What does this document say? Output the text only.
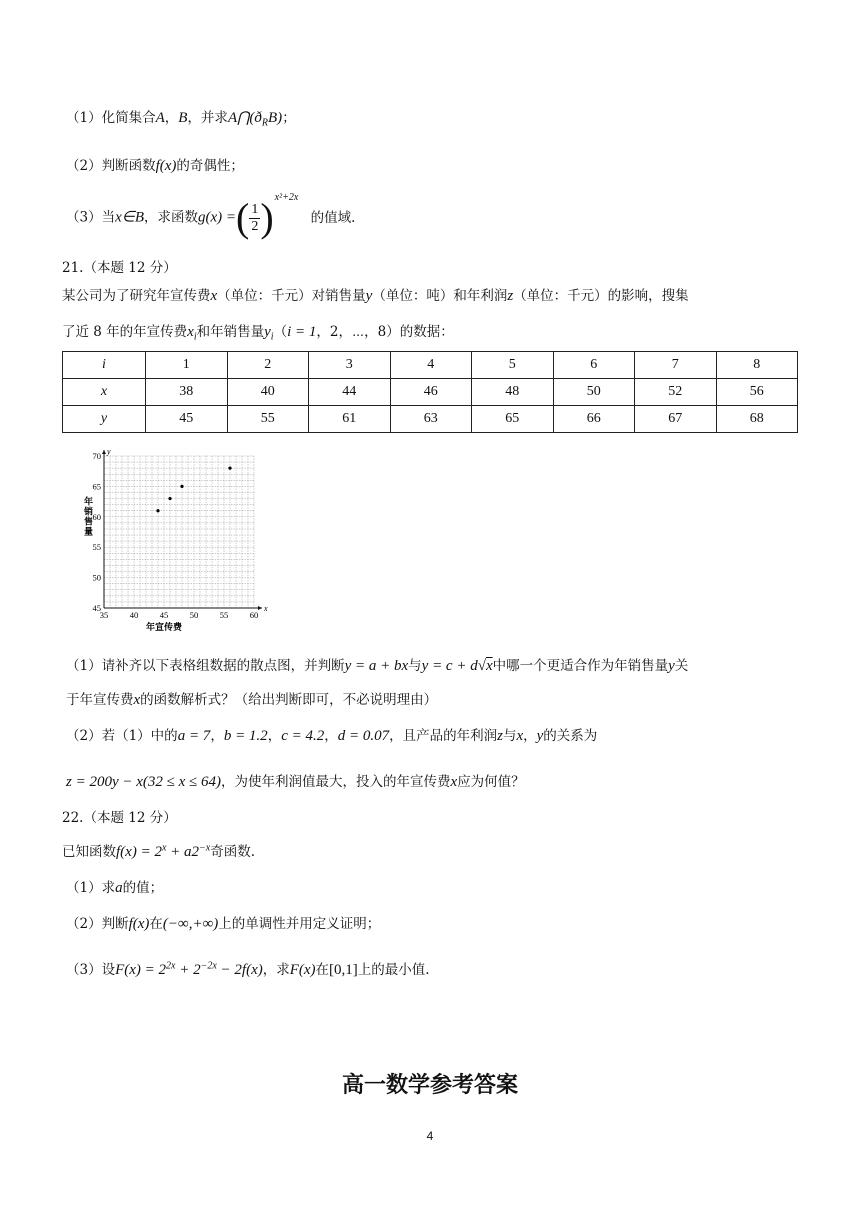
（1）化简集合A，B，并求$A⋂(ð_RB)$；
（2）判断函数f(x)的奇偶性；
（3）当x∈B，求函数g(x) =( $\frac{1}{2} )^{x^2+2x}$ 的值域.
21.（本题 12 分）
某公司为了研究年宣传费x（单位：千元）对销售量y（单位：吨）和年利润z（单位：千元）的影响，搜集
了近 8 年的年宣传费$x_i$和年销售量$y_i(i = 1$，2，⋯，8）的数据：
i	1	2	3	4	5	6	7	8
x	38	40	44	46	48	50	52	56
y	45	55	61	63	65	66	67	68
x
y
35	40	45	50	55	60
45
50
55
60
65
70
年宣传费
年
销
售
量
（1）请补齐以下表格组数据的散点图，并判断y = a + bx与y = c + d√x中哪一个更适合作为年销售量y关
于年宣传费x的函数解析式？（给出判断即可，不必说明理由）
（2）若（1）中的a = 7，b = 1.2，c = 4.2，d = 0.07，且产品的年利润z与x，y的关系为
z = 200y − x(32 ≤ x ≤ 64)，为使年利润值最大，投入的年宣传费x应为何值？
22.（本题 12 分）
已知函数$f(x) = 2^x + a2^{-x}$奇函数.
（1）求a的值；
（2）判断f(x)在(−∞,+∞)上的单调性并用定义证明；
（3）设$F(x) = 2^{2x} + 2^{-2x} - 2f(x)$，求F(x)在[0,1]上的最小值.
高一数学参考答案
4
